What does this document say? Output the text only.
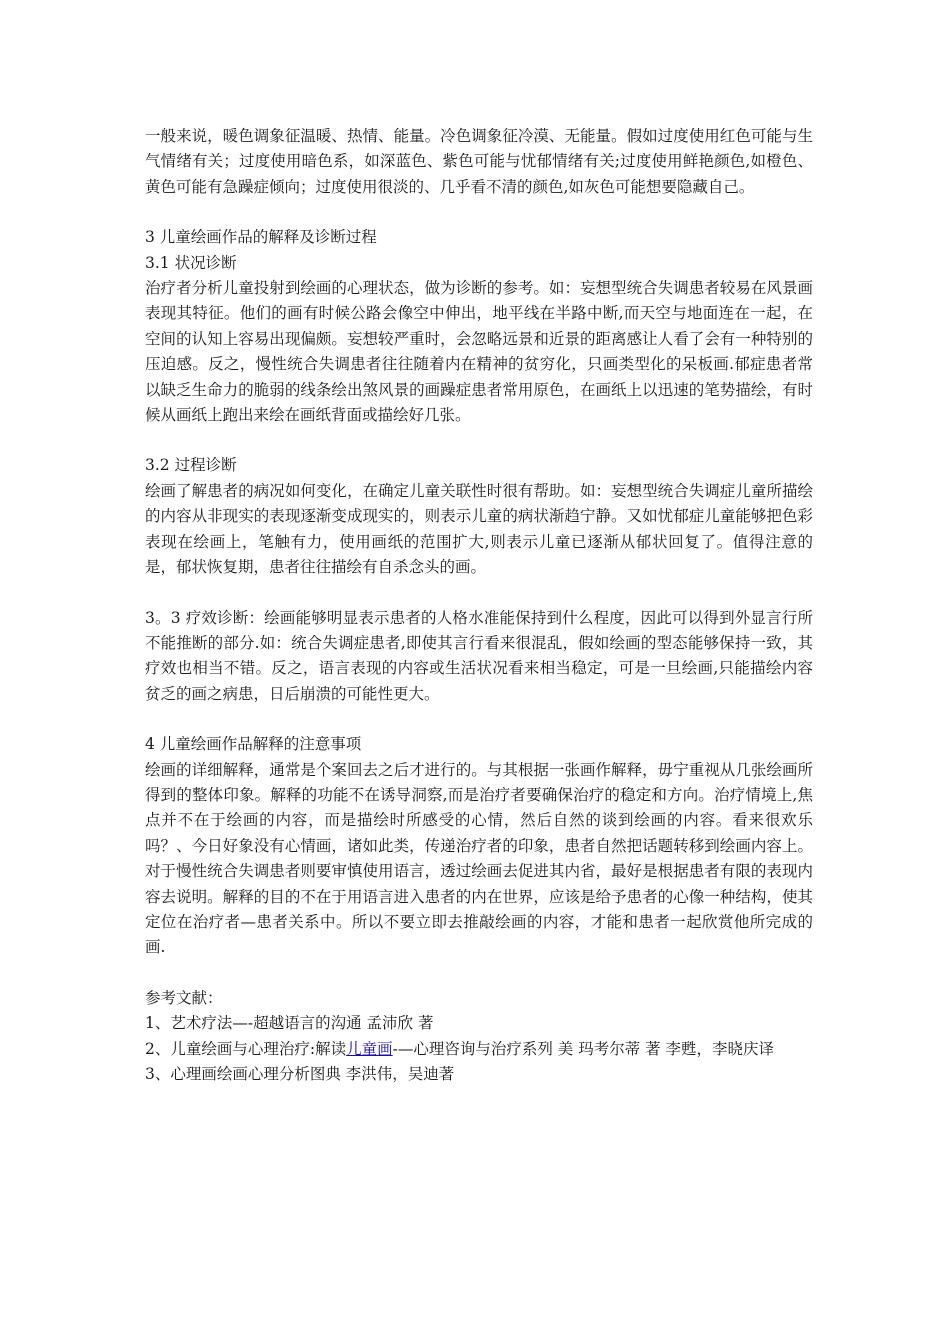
一般来说，暖色调象征温暖、热情、能量。冷色调象征冷漠、无能量。假如过度使用红色可能与生气情绪有关；过度使用暗色系，如深蓝色、紫色可能与忧郁情绪有关;过度使用鲜艳颜色,如橙色、黄色可能有急躁症倾向；过度使用很淡的、几乎看不清的颜色,如灰色可能想要隐藏自己。

3 儿童绘画作品的解释及诊断过程

3.1 状况诊断

治疗者分析儿童投射到绘画的心理状态，做为诊断的参考。如：妄想型统合失调患者较易在风景画表现其特征。他们的画有时候公路会像空中伸出，地平线在半路中断,而天空与地面连在一起，在空间的认知上容易出现偏颇。妄想较严重时，会忽略远景和近景的距离感让人看了会有一种特别的压迫感。反之，慢性统合失调患者往往随着内在精神的贫穷化，只画类型化的呆板画.郁症患者常以缺乏生命力的脆弱的线条绘出煞风景的画躁症患者常用原色，在画纸上以迅速的笔势描绘，有时候从画纸上跑出来绘在画纸背面或描绘好几张。

3.2 过程诊断

绘画了解患者的病况如何变化，在确定儿童关联性时很有帮助。如：妄想型统合失调症儿童所描绘的内容从非现实的表现逐渐变成现实的，则表示儿童的病状渐趋宁静。又如忧郁症儿童能够把色彩表现在绘画上，笔触有力，使用画纸的范围扩大,则表示儿童已逐渐从郁状回复了。值得注意的是，郁状恢复期，患者往往描绘有自杀念头的画。

3。3 疗效诊断：绘画能够明显表示患者的人格水准能保持到什么程度，因此可以得到外显言行所不能推断的部分.如：统合失调症患者,即使其言行看来很混乱，假如绘画的型态能够保持一致，其疗效也相当不错。反之，语言表现的内容或生活状况看来相当稳定，可是一旦绘画,只能描绘内容贫乏的画之病患，日后崩溃的可能性更大。

4 儿童绘画作品解释的注意事项

绘画的详细解释，通常是个案回去之后才进行的。与其根据一张画作解释，毋宁重视从几张绘画所得到的整体印象。解释的功能不在诱导洞察,而是治疗者要确保治疗的稳定和方向。治疗情境上,焦点并不在于绘画的内容，而是描绘时所感受的心情，然后自然的谈到绘画的内容。看来很欢乐吗？、今日好象没有心情画，诸如此类，传递治疗者的印象，患者自然把话题转移到绘画内容上。对于慢性统合失调患者则要审慎使用语言，透过绘画去促进其内省，最好是根据患者有限的表现内容去说明。解释的目的不在于用语言进入患者的内在世界，应该是给予患者的心像一种结构，使其定位在治疗者—患者关系中。所以不要立即去推敲绘画的内容，才能和患者一起欣赏他所完成的画.

参考文献：

1、艺术疗法—-超越语言的沟通 孟沛欣 著

2、儿童绘画与心理治疗:解读儿童画-—心理咨询与治疗系列 美 玛考尔蒂 著 李甦，李晓庆译

3、心理画绘画心理分析图典 李洪伟，吴迪著
